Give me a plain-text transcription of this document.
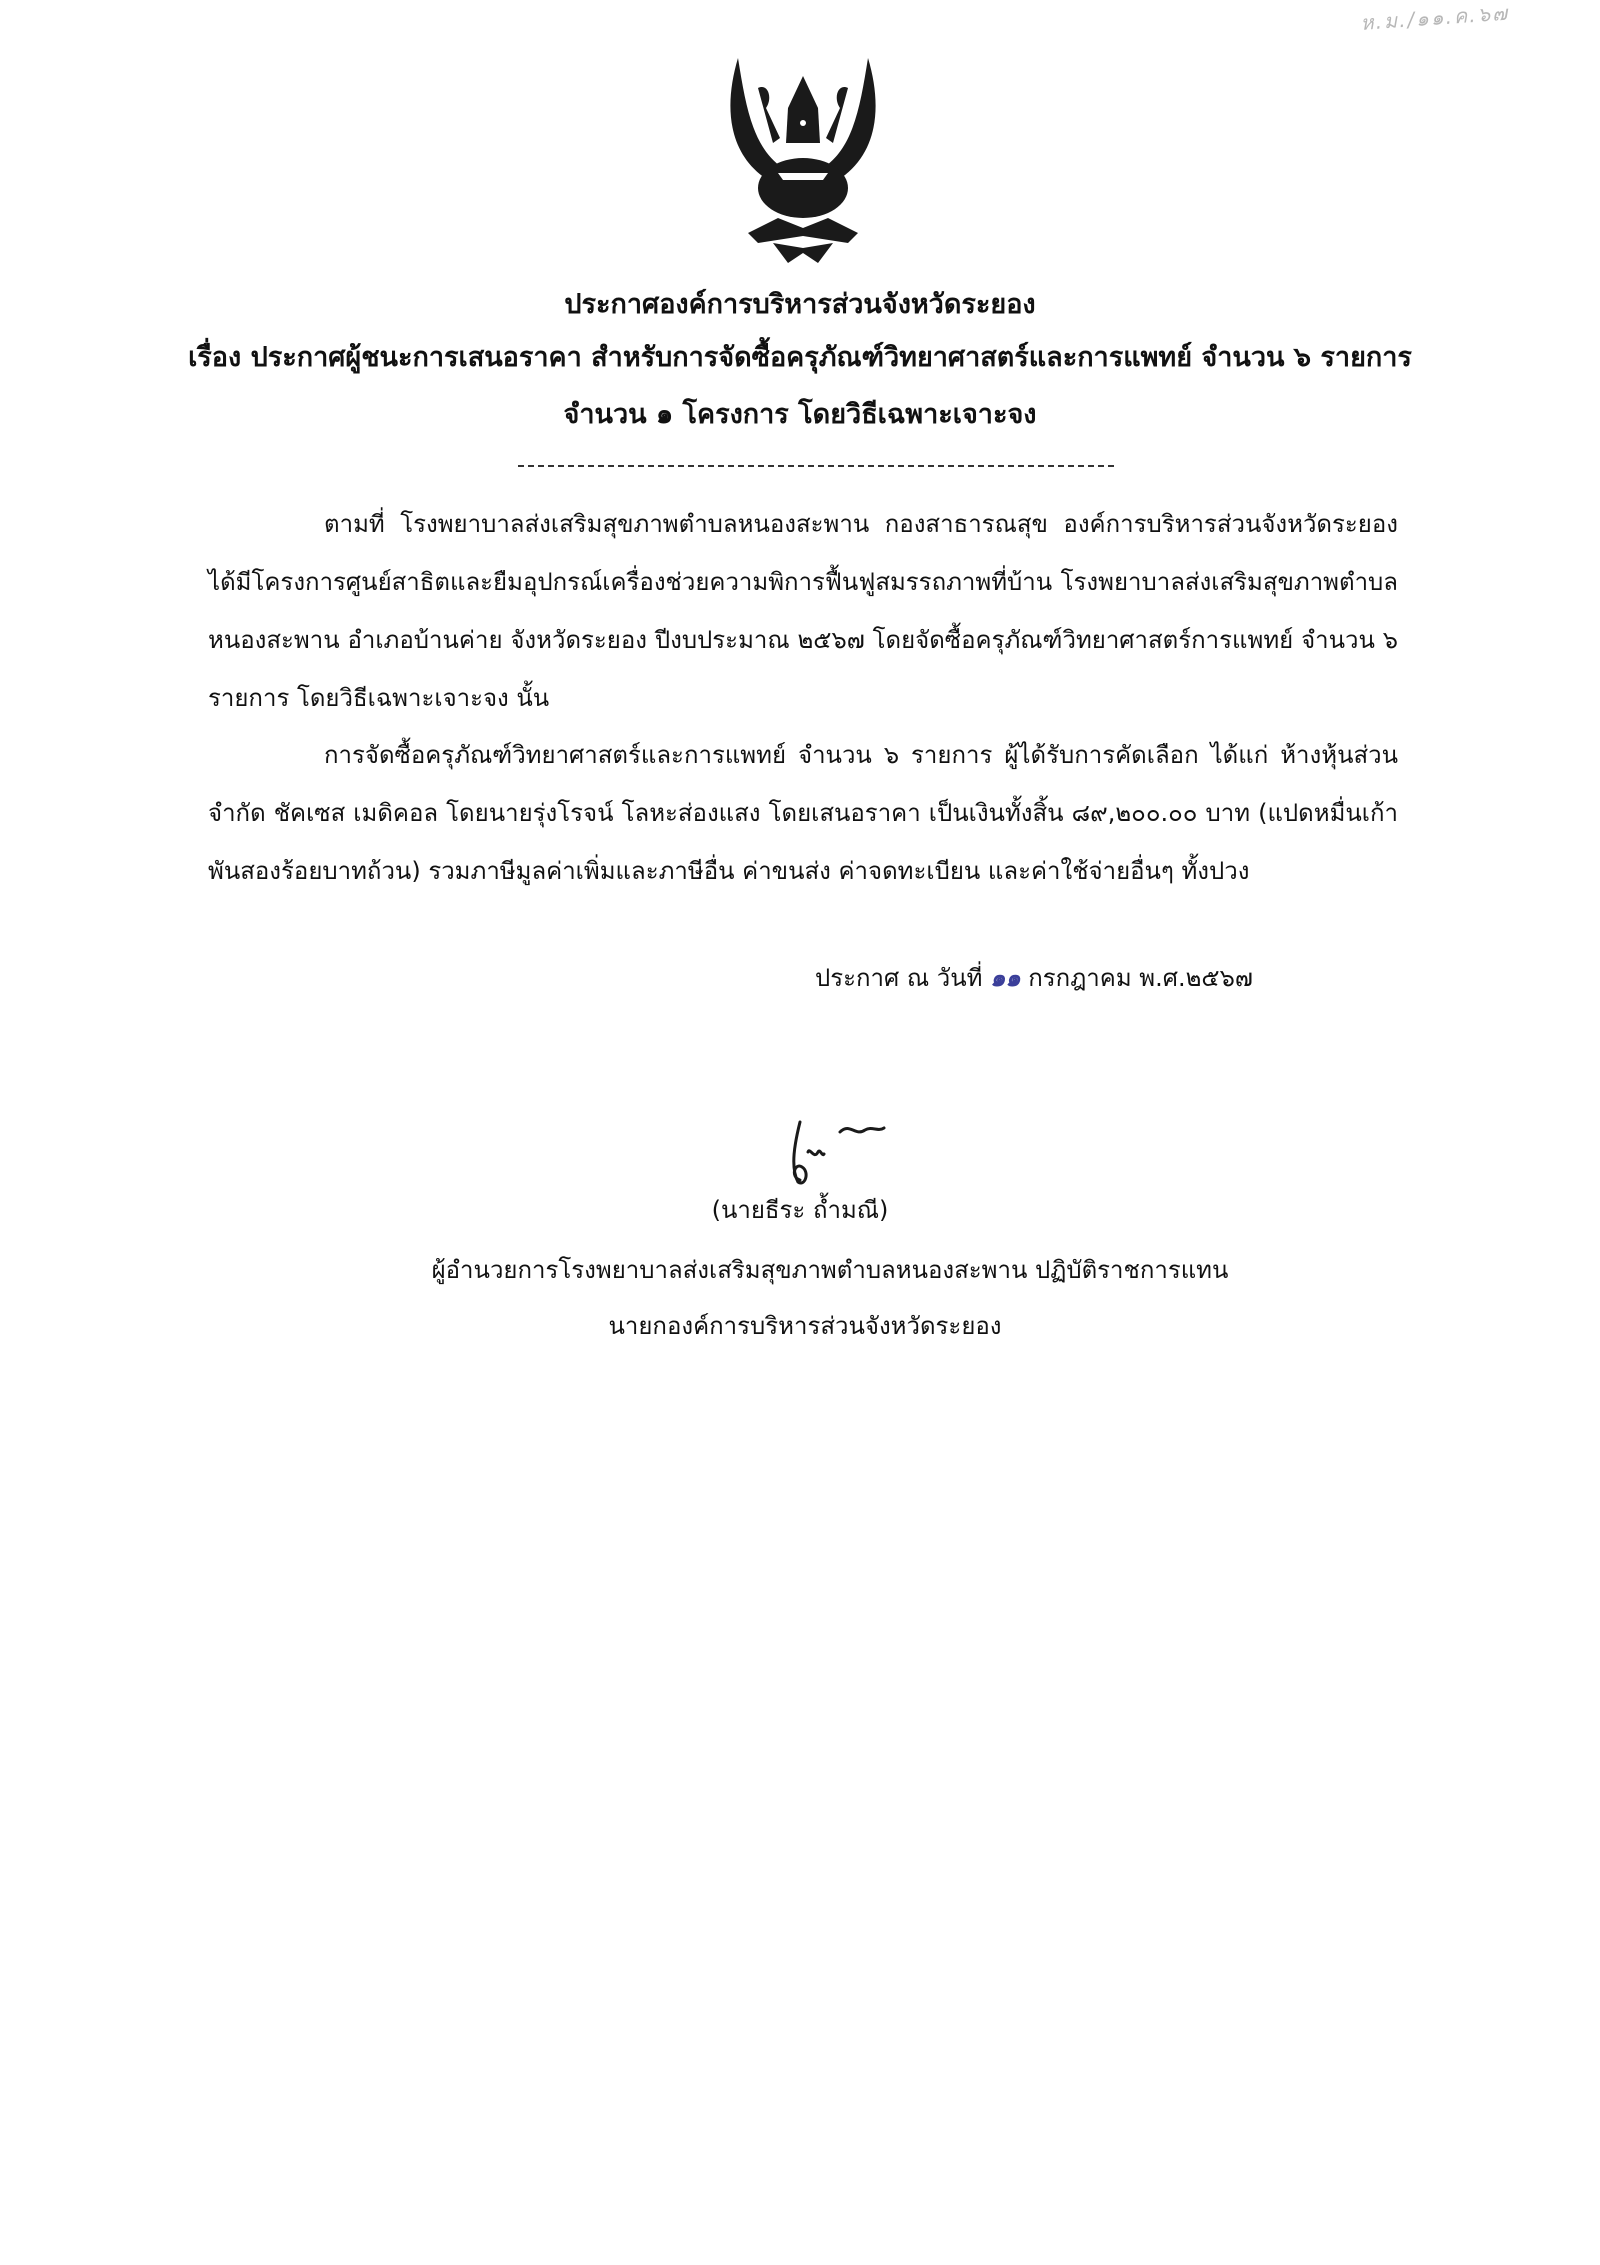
ห.ม./๑๑.ค.๖๗
ประกาศองค์การบริหารส่วนจังหวัดระยอง
เรื่อง ประกาศผู้ชนะการเสนอราคา สำหรับการจัดซื้อครุภัณฑ์วิทยาศาสตร์และการแพทย์ จำนวน ๖ รายการ
จำนวน ๑ โครงการ โดยวิธีเฉพาะเจาะจง
ตามที่ โรงพยาบาลส่งเสริมสุขภาพตำบลหนองสะพาน กองสาธารณสุข องค์การบริหารส่วนจังหวัดระยอง ได้มีโครงการศูนย์สาธิตและยืมอุปกรณ์เครื่องช่วยความพิการฟื้นฟูสมรรถภาพที่บ้าน โรงพยาบาลส่งเสริมสุขภาพตำบลหนองสะพาน อำเภอบ้านค่าย จังหวัดระยอง ปีงบประมาณ ๒๕๖๗ โดยจัดซื้อครุภัณฑ์วิทยาศาสตร์การแพทย์ จำนวน ๖ รายการ โดยวิธีเฉพาะเจาะจง นั้น
การจัดซื้อครุภัณฑ์วิทยาศาสตร์และการแพทย์ จำนวน ๖ รายการ ผู้ได้รับการคัดเลือก ได้แก่ ห้างหุ้นส่วนจำกัด ชัคเซส เมดิคอล โดยนายรุ่งโรจน์ โลหะส่องแสง โดยเสนอราคา เป็นเงินทั้งสิ้น ๘๙,๒๐๐.๐๐ บาท (แปดหมื่นเก้าพันสองร้อยบาทถ้วน) รวมภาษีมูลค่าเพิ่มและภาษีอื่น ค่าขนส่ง ค่าจดทะเบียน และค่าใช้จ่ายอื่นๆ ทั้งปวง
ประกาศ ณ วันที่ ๑๑ กรกฎาคม พ.ศ.๒๕๖๗
(นายธีระ ถ้ำมณี)
ผู้อำนวยการโรงพยาบาลส่งเสริมสุขภาพตำบลหนองสะพาน ปฏิบัติราชการแทน
นายกองค์การบริหารส่วนจังหวัดระยอง
